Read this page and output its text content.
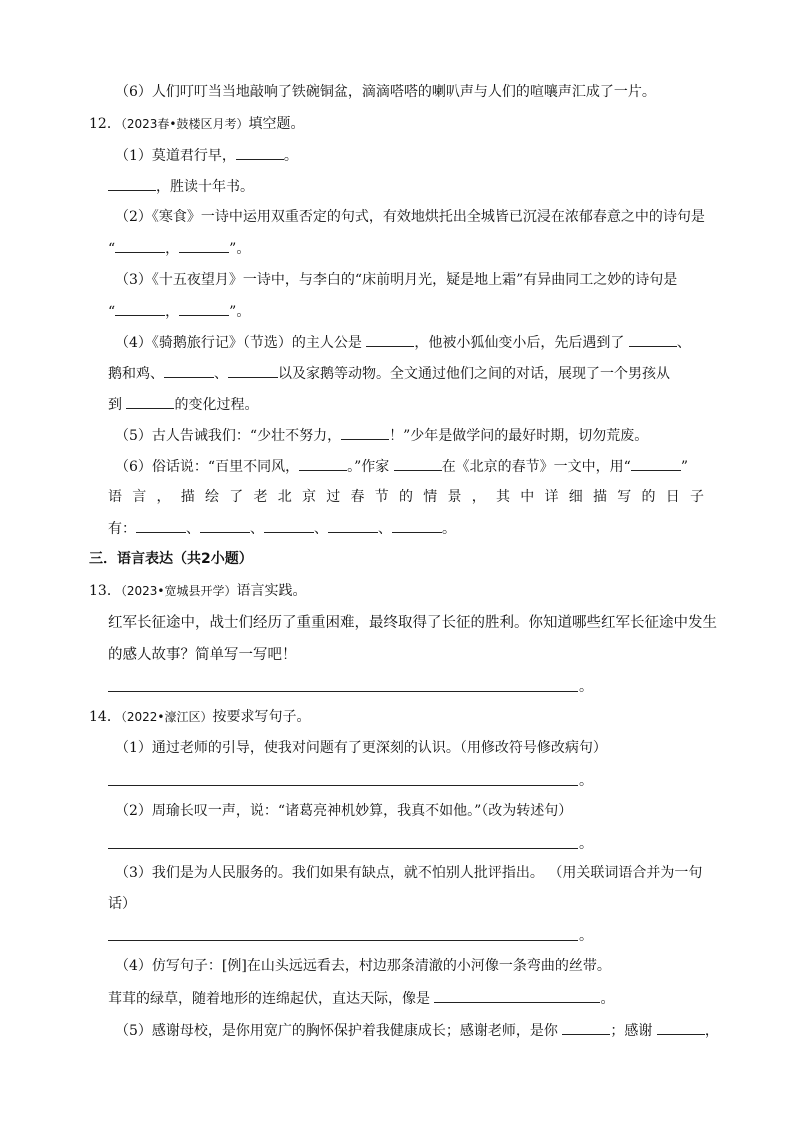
（6）人们叮叮当当地敲响了铁碗铜盆，滴滴嗒嗒的喇叭声与人们的喧嚷声汇成了一片。
12．（2023春•鼓楼区月考）填空题。
（1）莫道君行早，	。
，胜读十年书。
（2）《寒食》一诗中运用双重否定的句式，有效地烘托出全城皆已沉浸在浓郁春意之中的诗句是
“	，	”。
（3）《十五夜望月》一诗中，与李白的“床前明月光，疑是地上霜”有异曲同工之妙的诗句是
“	，	”。
（4）《骑鹅旅行记》（节选）的主人公是	，他被小狐仙变小后，先后遇到了	、
鹅和鸡、	、	以及家鹅等动物。全文通过他们之间的对话，展现了一个男孩从
到	的变化过程。
（5）古人告诫我们：“少壮不努力，	！”少年是做学问的最好时期，切勿荒废。
（6）俗话说：“百里不同风，	。”作家	在《北京的春节》一文中，用“	”
语 言 ， 描 绘 了 老 北 京 过 春 节 的 情 景 ， 其 中 详 细 描 写 的 日 子
有：	、	、	、	、	。
三．语言表达（共2小题）
13．（2023•宽城县开学）语言实践。
红军长征途中，战士们经历了重重困难，最终取得了长征的胜利。你知道哪些红军长征途中发生
的感人故事？简单写一写吧！
。
14．（2022•濠江区）按要求写句子。
（1）通过老师的引导，使我对问题有了更深刻的认识。（用修改符号修改病句）
。
（2）周瑜长叹一声，说：“诸葛亮神机妙算，我真不如他。”（改为转述句）
。
（3）我们是为人民服务的。我们如果有缺点，就不怕别人批评指出。 （用关联词语合并为一句
话）
。
（4）仿写句子：[例]在山头远远看去，村边那条清澈的小河像一条弯曲的丝带。
茸茸的绿草，随着地形的连绵起伏，直达天际，像是	。
（5）感谢母校，是你用宽广的胸怀保护着我健康成长；感谢老师，是你	；感谢	，
